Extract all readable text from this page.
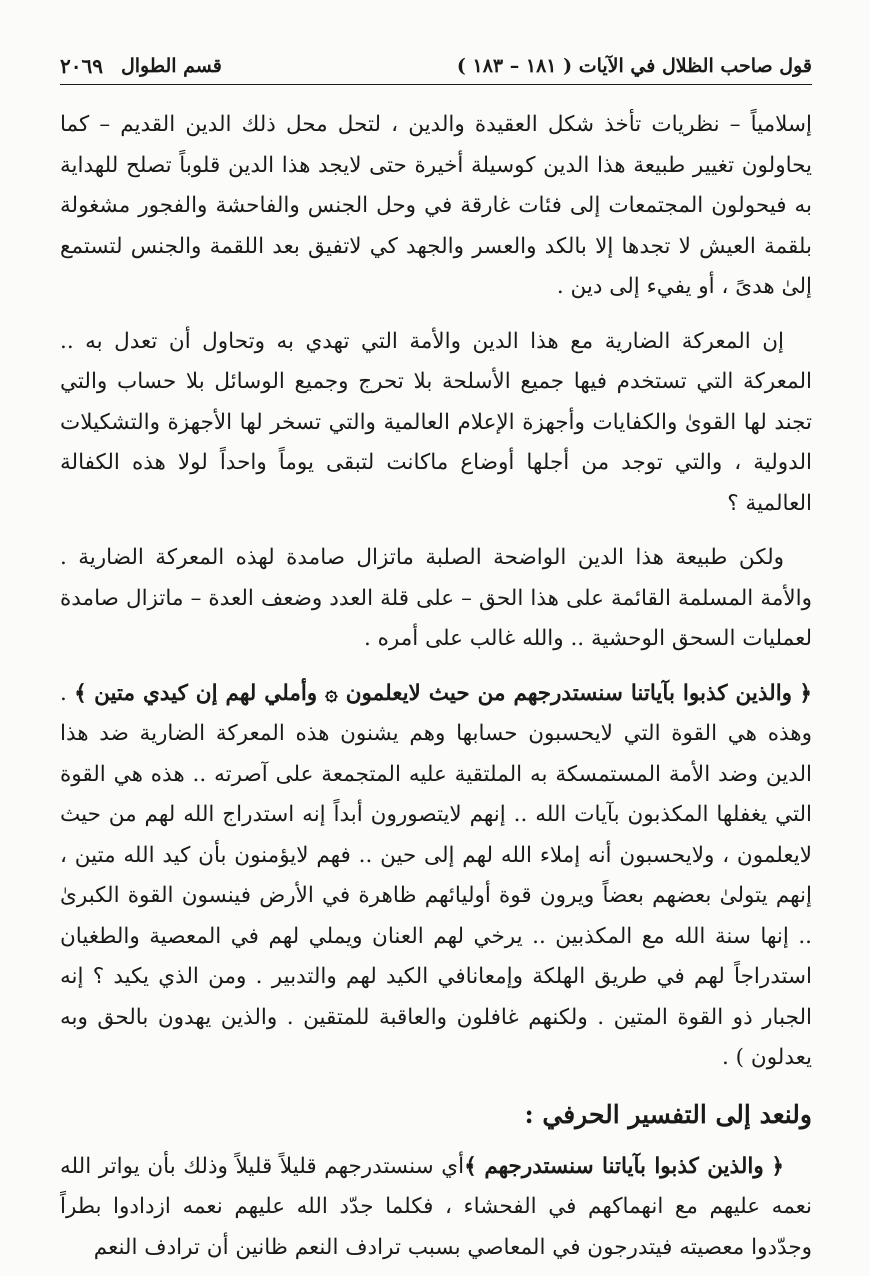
قول صاحب الظلال في الآيات ( ١٨١ – ١٨٣ )
قسم الطوال
٢٠٦٩

إسلامياً – نظريات تأخذ شكل العقيدة والدين ، لتحل محل ذلك الدين القديم – كما يحاولون تغيير طبيعة هذا الدين كوسيلة أخيرة حتى لايجد هذا الدين قلوباً تصلح للهداية به فيحولون المجتمعات إلى فئات غارقة في وحل الجنس والفاحشة والفجور مشغولة بلقمة العيش لا تجدها إلا بالكد والعسر والجهد كي لاتفيق بعد اللقمة والجنس لتستمع إلىٰ هدىً ، أو يفيء إلى دين .

إن المعركة الضارية مع هذا الدين والأمة التي تهدي به وتحاول أن تعدل به .. المعركة التي تستخدم فيها جميع الأسلحة بلا تحرج وجميع الوسائل بلا حساب والتي تجند لها القوىٰ والكفايات وأجهزة الإعلام العالمية والتي تسخر لها الأجهزة والتشكيلات الدولية ، والتي توجد من أجلها أوضاع ماكانت لتبقى يوماً واحداً لولا هذه الكفالة العالمية ؟

ولكن طبيعة هذا الدين الواضحة الصلبة ماتزال صامدة لهذه المعركة الضارية . والأمة المسلمة القائمة على هذا الحق – على قلة العدد وضعف العدة – ماتزال صامدة لعمليات السحق الوحشية .. والله غالب على أمره .

﴿ والذين كذبوا بآياتنا سنستدرجهم من حيث لايعلمون ۞ وأملي لهم إن كيدي متين ﴾ . وهذه هي القوة التي لايحسبون حسابها وهم يشنون هذه المعركة الضارية ضد هذا الدين وضد الأمة المستمسكة به الملتقية عليه المتجمعة على آصرته .. هذه هي القوة التي يغفلها المكذبون بآيات الله .. إنهم لايتصورون أبداً إنه استدراج الله لهم من حيث لايعلمون ، ولايحسبون أنه إملاء الله لهم إلى حين .. فهم لايؤمنون بأن كيد الله متين ، إنهم يتولىٰ بعضهم بعضاً ويرون قوة أوليائهم ظاهرة في الأرض فينسون القوة الكبرىٰ .. إنها سنة الله مع المكذبين .. يرخي لهم العنان ويملي لهم في المعصية والطغيان استدراجاً لهم في طريق الهلكة وإمعانافي الكيد لهم والتدبير . ومن الذي يكيد ؟ إنه الجبار ذو القوة المتين . ولكنهم غافلون والعاقبة للمتقين . والذين يهدون بالحق وبه يعدلون ) .

ولنعد إلى التفسير الحرفي :

﴿ والذين كذبوا بآياتنا سنستدرجهم ﴾أي سنستدرجهم قليلاً قليلاً وذلك بأن يواتر الله نعمه عليهم مع انهماكهم في الفحشاء ، فكلما جدّد الله عليهم نعمه ازدادوا بطراً وجدّدوا معصيته فيتدرجون في المعاصي بسبب ترادف النعم ظانين أن ترادف النعم
